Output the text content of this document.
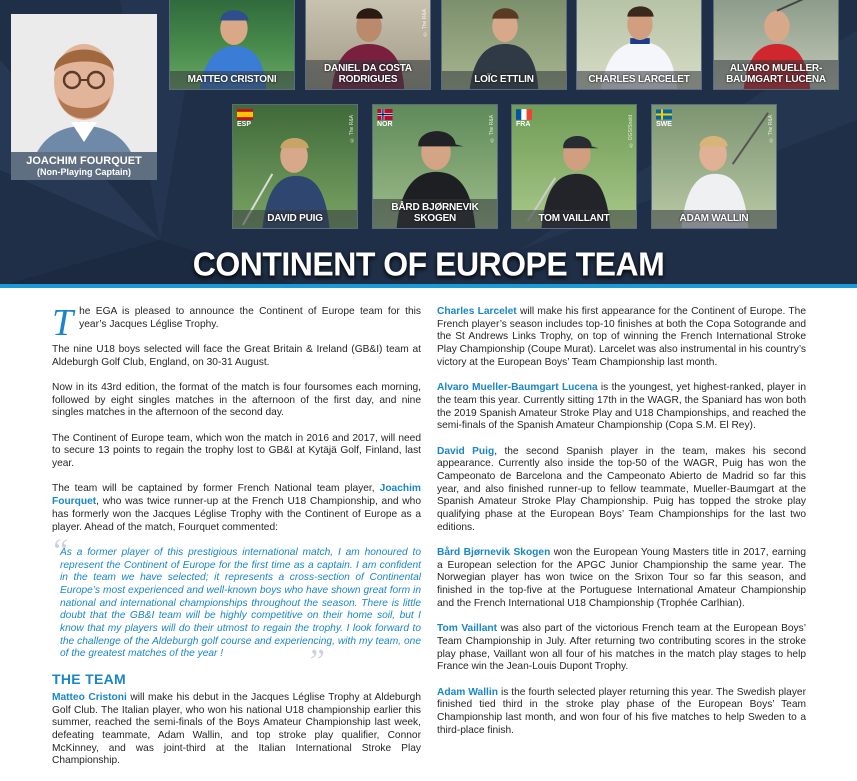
JOACHIM FOURQUET
(Non-Playing Captain)
MATTEO CRISTONI
© The R&A
DANIEL DA COSTA RODRIGUES	LOÏC ETTLIN	CHARLES LARCELET
ALVARO MUELLER-BAUMGART LUCENA
ESP	© The R&A
DAVID PUIG
NOR	© The R&A
BÅRD BJØRNEVIK SKOGEN
FRA	© OGS/Sneld
TOM VAILLANT
SWE	© The R&A
ADAM WALLIN
CONTINENT OF EUROPE TEAM

The EGA is pleased to announce the Continent of Europe team for this year’s Jacques Léglise Trophy.

The nine U18 boys selected will face the Great Britain & Ireland (GB&I) team at Aldeburgh Golf Club, England, on 30-31 August.

Now in its 43rd edition, the format of the match is four foursomes each morning, followed by eight singles matches in the afternoon of the first day, and nine singles matches in the afternoon of the second day.

The Continent of Europe team, which won the match in 2016 and 2017, will need to secure 13 points to regain the trophy lost to GB&I at Kytäjä Golf, Finland, last year.

The team will be captained by former French National team player, Joachim Fourquet, who was twice runner-up at the French U18 Championship, and who has formerly won the Jacques Léglise Trophy with the Continent of Europe as a player. Ahead of the match, Fourquet commented:

“
As a former player of this prestigious international match, I am honoured to represent the Continent of Europe for the first time as a captain. I am confident in the team we have selected; it represents a cross-section of Continental Europe’s most experienced and well-known boys who have shown great form in national and international championships throughout the season. There is little doubt that the GB&I team will be highly competitive on their home soil, but I know that my players will do their utmost to regain the trophy. I look forward to the challenge of the Aldeburgh golf course and experiencing, with my team, one of the greatest matches of the year ! ”
THE TEAM

Matteo Cristoni will make his debut in the Jacques Léglise Trophy at Aldeburgh Golf Club. The Italian player, who won his national U18 championship earlier this summer, reached the semi-finals of the Boys Amateur Championship last week, defeating teammate, Adam Wallin, and top stroke play qualifier, Connor McKinney, and was joint-third at the Italian International Stroke Play Championship.

Charles Larcelet will make his first appearance for the Continent of Europe. The French player’s season includes top-10 finishes at both the Copa Sotogrande and the St Andrews Links Trophy, on top of winning the French International Stroke Play Championship (Coupe Murat). Larcelet was also instrumental in his country’s victory at the European Boys’ Team Championship last month.

Alvaro Mueller-Baumgart Lucena is the youngest, yet highest-ranked, player in the team this year. Currently sitting 17th in the WAGR, the Spaniard has won both the 2019 Spanish Amateur Stroke Play and U18 Championships, and reached the semi-finals of the Spanish Amateur Championship (Copa S.M. El Rey).

David Puig, the second Spanish player in the team, makes his second appearance. Currently also inside the top-50 of the WAGR, Puig has won the Campeonato de Barcelona and the Campeonato Abierto de Madrid so far this year, and also finished runner-up to fellow teammate, Mueller-Baumgart at the Spanish Amateur Stroke Play Championship. Puig has topped the stroke play qualifying phase at the European Boys’ Team Championships for the last two editions.

Bård Bjørnevik Skogen won the European Young Masters title in 2017, earning a European selection for the APGC Junior Championship the same year. The Norwegian player has won twice on the Srixon Tour so far this season, and finished in the top-five at the Portuguese International Amateur Championship and the French International U18 Championship (Trophée Carlhian).

Tom Vaillant was also part of the victorious French team at the European Boys’ Team Championship in July. After returning two contributing scores in the stroke play phase, Vaillant won all four of his matches in the match play stages to help France win the Jean-Louis Dupont Trophy.

Adam Wallin is the fourth selected player returning this year. The Swedish player finished tied third in the stroke play phase of the European Boys’ Team Championship last month, and won four of his five matches to help Sweden to a third-place finish.
